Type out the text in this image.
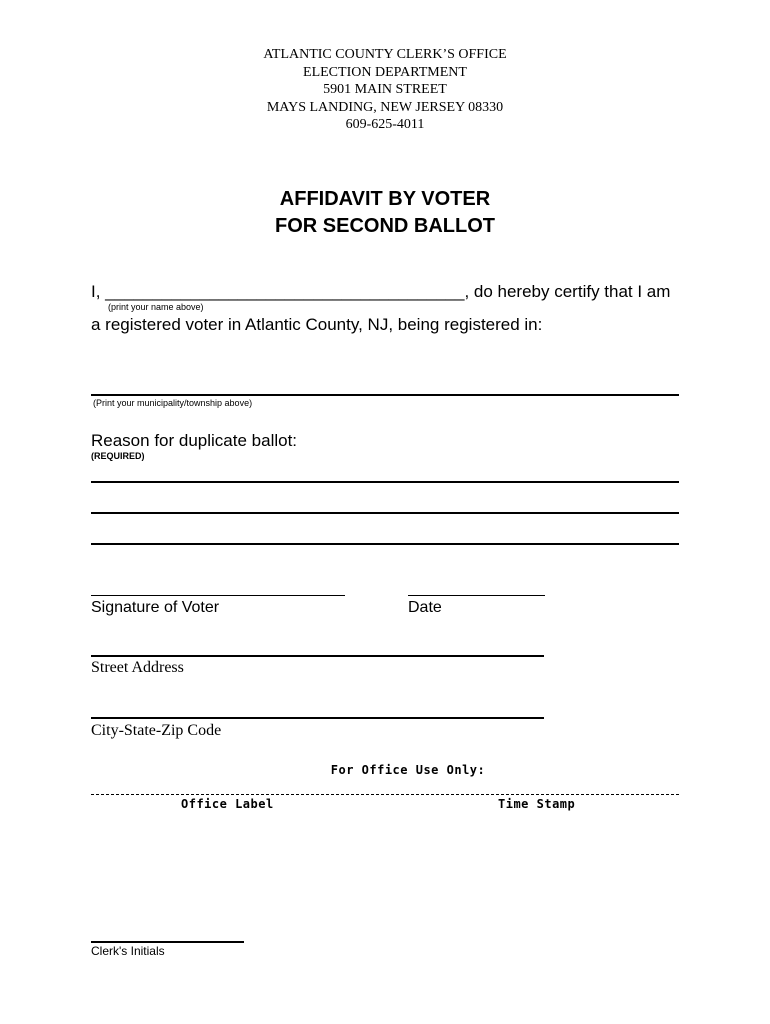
ATLANTIC COUNTY CLERK’S OFFICE
ELECTION DEPARTMENT
5901 MAIN STREET
MAYS LANDING, NEW JERSEY 08330
609-625-4011
AFFIDAVIT BY VOTER
FOR SECOND BALLOT
I, ______________________________________, do hereby certify that I am
(print your name above)
a registered voter in Atlantic County, NJ, being registered in:
(Print your municipality/township above)
Reason for duplicate ballot:
(REQUIRED)
Signature of Voter	Date
Street Address
City-State-Zip Code
For Office Use Only:
Office Label	Time Stamp
Clerk's Initials
